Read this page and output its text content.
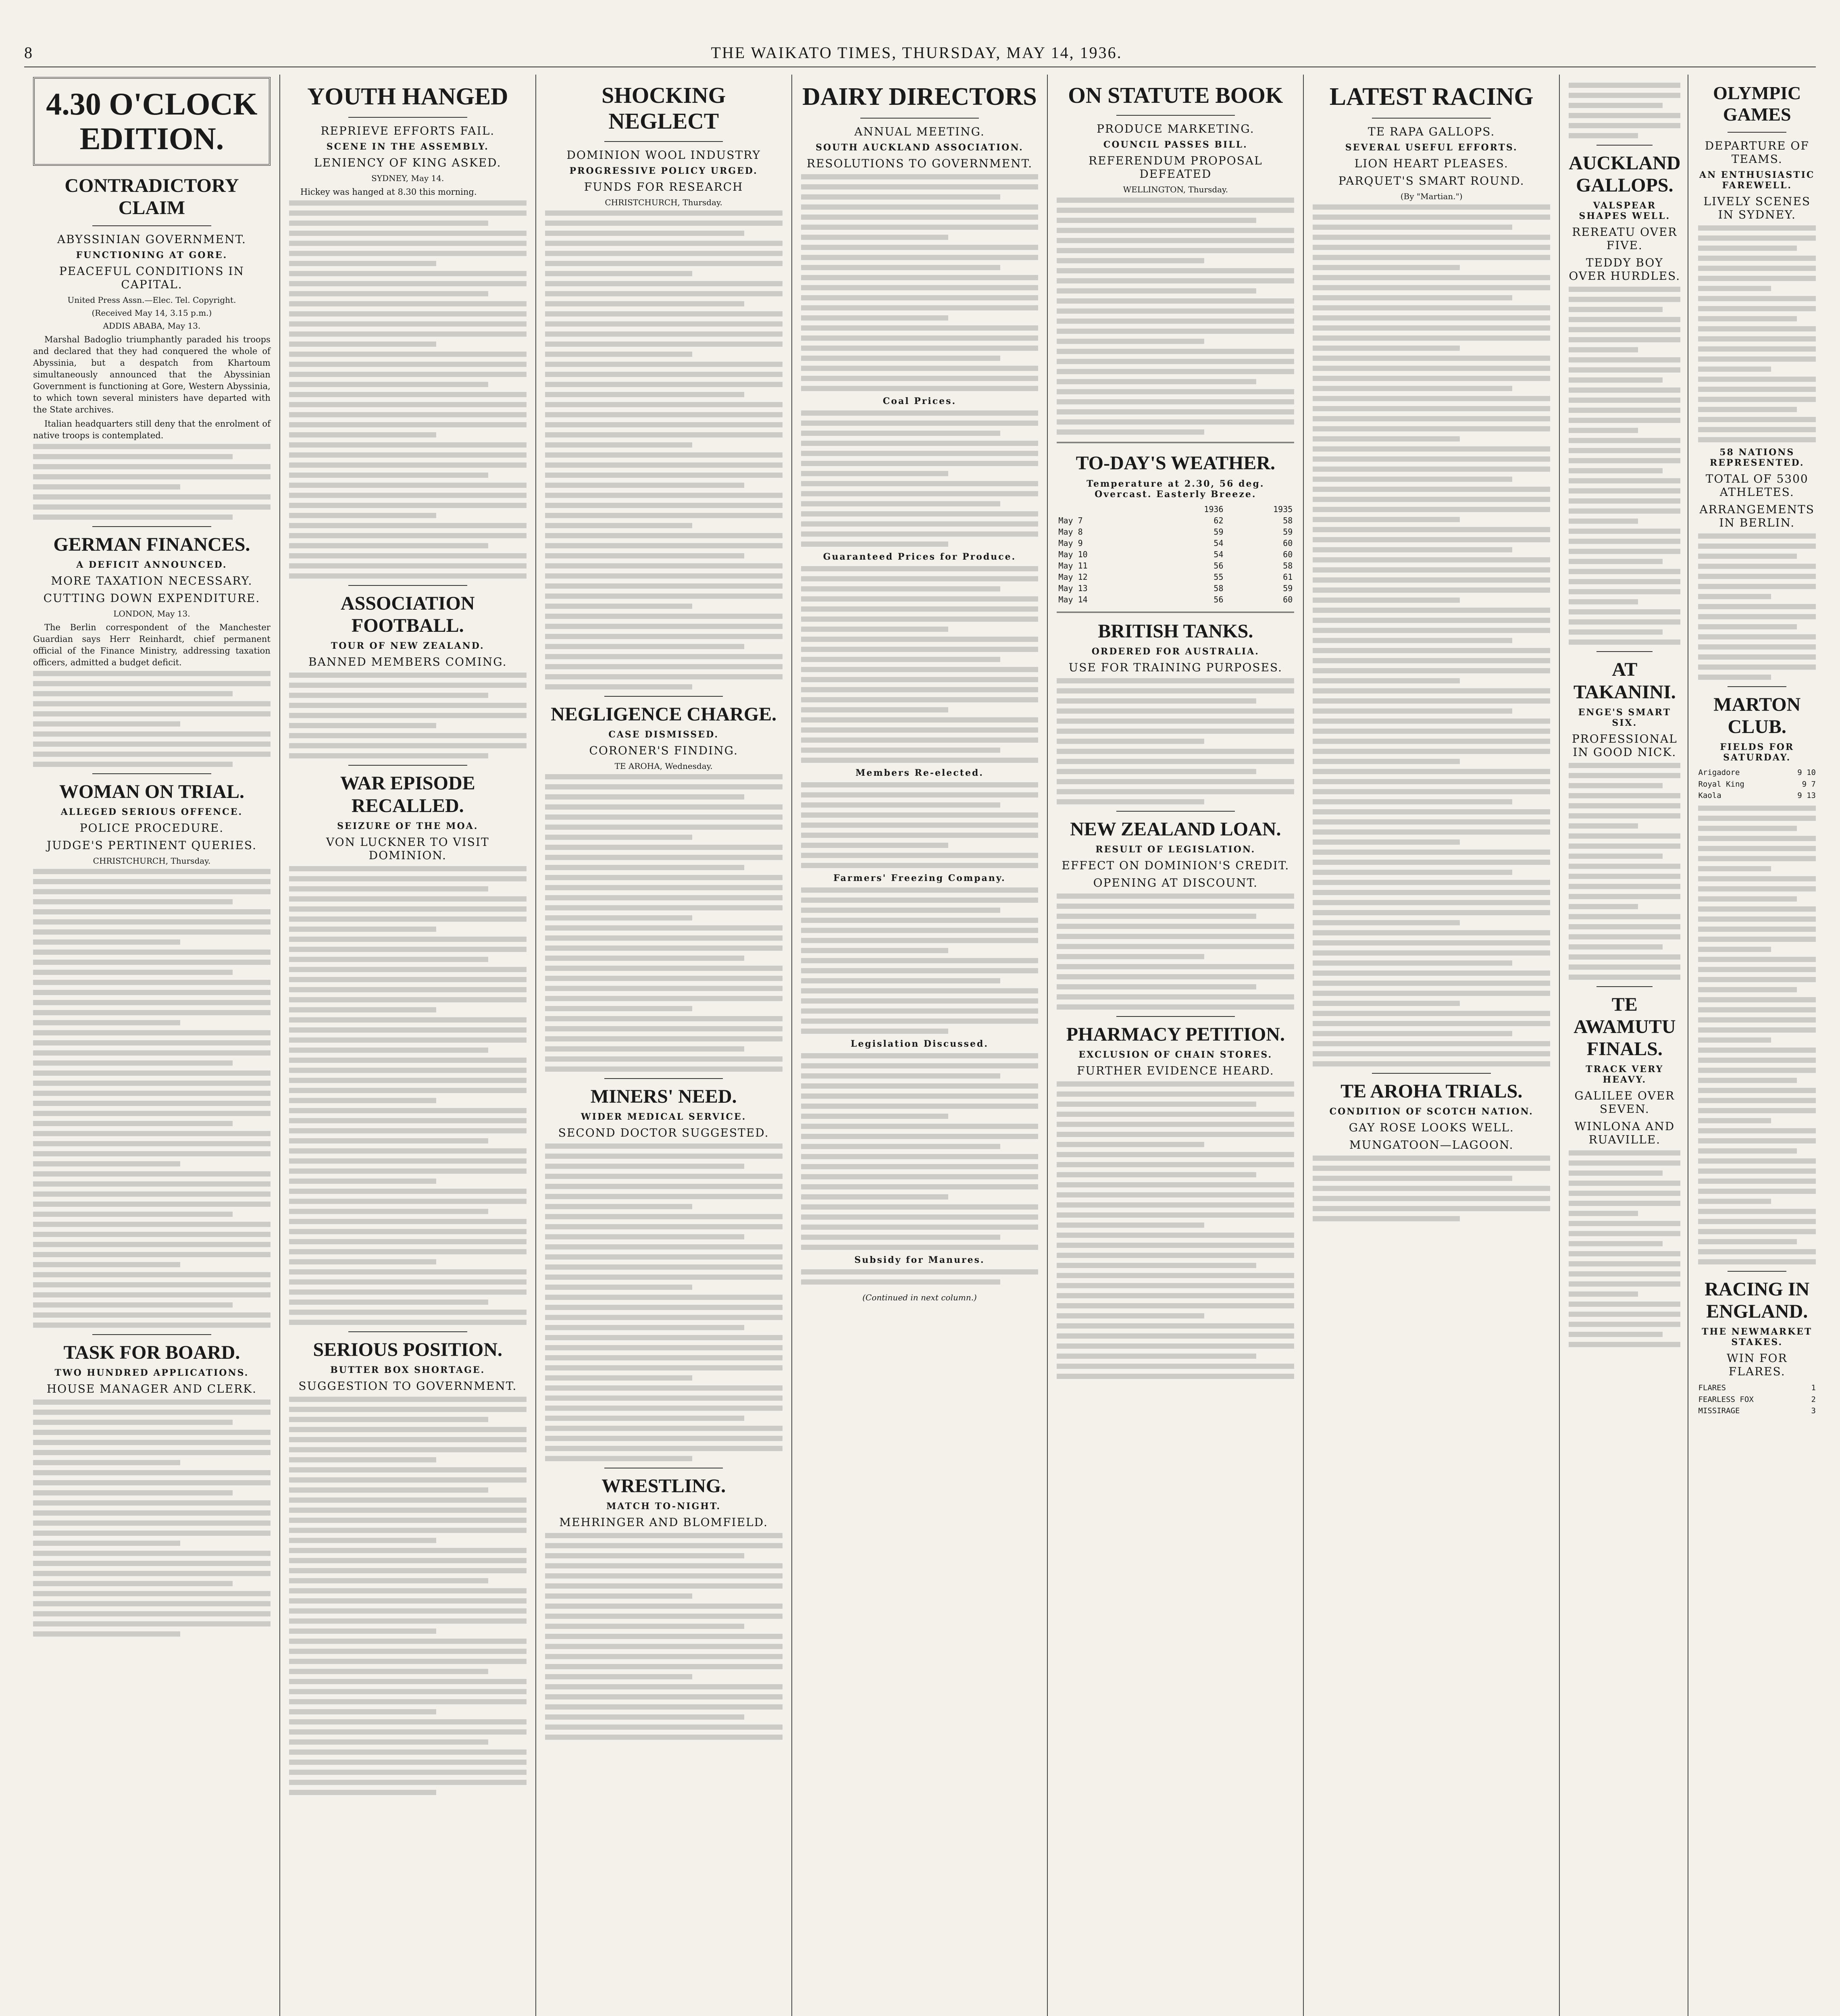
8	THE WAIKATO TIMES, THURSDAY, MAY 14, 1936.
4.30 O'CLOCK EDITION.
CONTRADICTORY CLAIM
ABYSSINIAN GOVERNMENT.
FUNCTIONING AT GORE.
PEACEFUL CONDITIONS IN CAPITAL.
United Press Assn.—Elec. Tel. Copyright.
(Received May 14, 3.15 p.m.)
ADDIS ABABA, May 13.

Marshal Badoglio triumphantly paraded his troops and declared that they had conquered the whole of Abyssinia, but a despatch from Khartoum simultaneously announced that the Abyssinian Government is functioning at Gore, Western Abyssinia, to which town several ministers have departed with the State archives.

Italian headquarters still deny that the enrolment of native troops is contemplated.

GERMAN FINANCES.
A DEFICIT ANNOUNCED.
MORE TAXATION NECESSARY.
CUTTING DOWN EXPENDITURE.
LONDON, May 13.

The Berlin correspondent of the Manchester Guardian says Herr Reinhardt, chief permanent official of the Finance Ministry, addressing taxation officers, admitted a budget deficit.

WOMAN ON TRIAL.
ALLEGED SERIOUS OFFENCE.
POLICE PROCEDURE.
JUDGE'S PERTINENT QUERIES.
CHRISTCHURCH, Thursday.
TASK FOR BOARD.
TWO HUNDRED APPLICATIONS.
HOUSE MANAGER AND CLERK.
YOUTH HANGED
REPRIEVE EFFORTS FAIL.
SCENE IN THE ASSEMBLY.
LENIENCY OF KING ASKED.
SYDNEY, May 14.

Hickey was hanged at 8.30 this morning.

ASSOCIATION FOOTBALL.
TOUR OF NEW ZEALAND.
BANNED MEMBERS COMING.
WAR EPISODE RECALLED.
SEIZURE OF THE MOA.
VON LUCKNER TO VISIT DOMINION.
SERIOUS POSITION.
BUTTER BOX SHORTAGE.
SUGGESTION TO GOVERNMENT.
SHOCKING NEGLECT
DOMINION WOOL INDUSTRY
PROGRESSIVE POLICY URGED.
FUNDS FOR RESEARCH
CHRISTCHURCH, Thursday.
NEGLIGENCE CHARGE.
CASE DISMISSED.
CORONER'S FINDING.
TE AROHA, Wednesday.
MINERS' NEED.
WIDER MEDICAL SERVICE.
SECOND DOCTOR SUGGESTED.
WRESTLING.
MATCH TO-NIGHT.
MEHRINGER AND BLOMFIELD.
DAIRY DIRECTORS
ANNUAL MEETING.
SOUTH AUCKLAND ASSOCIATION.
RESOLUTIONS TO GOVERNMENT.
Coal Prices.
Guaranteed Prices for Produce.
Members Re-elected.
Farmers' Freezing Company.
Legislation Discussed.
Subsidy for Manures.
(Continued in next column.)
ON STATUTE BOOK
PRODUCE MARKETING.
COUNCIL PASSES BILL.
REFERENDUM PROPOSAL DEFEATED
WELLINGTON, Thursday.
TO-DAY'S WEATHER.
Temperature at 2.30, 56 deg. Overcast. Easterly Breeze.
	1936	1935
May 7	62	58
May 8	59	59
May 9	54	60
May 10	54	60
May 11	56	58
May 12	55	61
May 13	58	59
May 14	56	60
BRITISH TANKS.
ORDERED FOR AUSTRALIA.
USE FOR TRAINING PURPOSES.
NEW ZEALAND LOAN.
RESULT OF LEGISLATION.
EFFECT ON DOMINION'S CREDIT.
OPENING AT DISCOUNT.
PHARMACY PETITION.
EXCLUSION OF CHAIN STORES.
FURTHER EVIDENCE HEARD.
LATEST RACING
TE RAPA GALLOPS.
SEVERAL USEFUL EFFORTS.
LION HEART PLEASES.
PARQUET'S SMART ROUND.
(By "Martian.")
TE AROHA TRIALS.
CONDITION OF SCOTCH NATION.
GAY ROSE LOOKS WELL.
MUNGATOON—LAGOON.
AUCKLAND GALLOPS.
VALSPEAR SHAPES WELL.
REREATU OVER FIVE.
TEDDY BOY OVER HURDLES.
AT TAKANINI.
ENGE'S SMART SIX.
PROFESSIONAL IN GOOD NICK.
TE AWAMUTU FINALS.
TRACK VERY HEAVY.
GALILEE OVER SEVEN.
WINLONA AND RUAVILLE.
OLYMPIC GAMES
DEPARTURE OF TEAMS.
AN ENTHUSIASTIC FAREWELL.
LIVELY SCENES IN SYDNEY.
58 NATIONS REPRESENTED.
TOTAL OF 5300 ATHLETES.
ARRANGEMENTS IN BERLIN.
MARTON CLUB.
FIELDS FOR SATURDAY.
Arigadore	9 10
Royal King	9 7
Kaola	9 13
RACING IN ENGLAND.
THE NEWMARKET STAKES.
WIN FOR FLARES.
FLARES	1
FEARLESS FOX	2
MISSIRAGE	3
